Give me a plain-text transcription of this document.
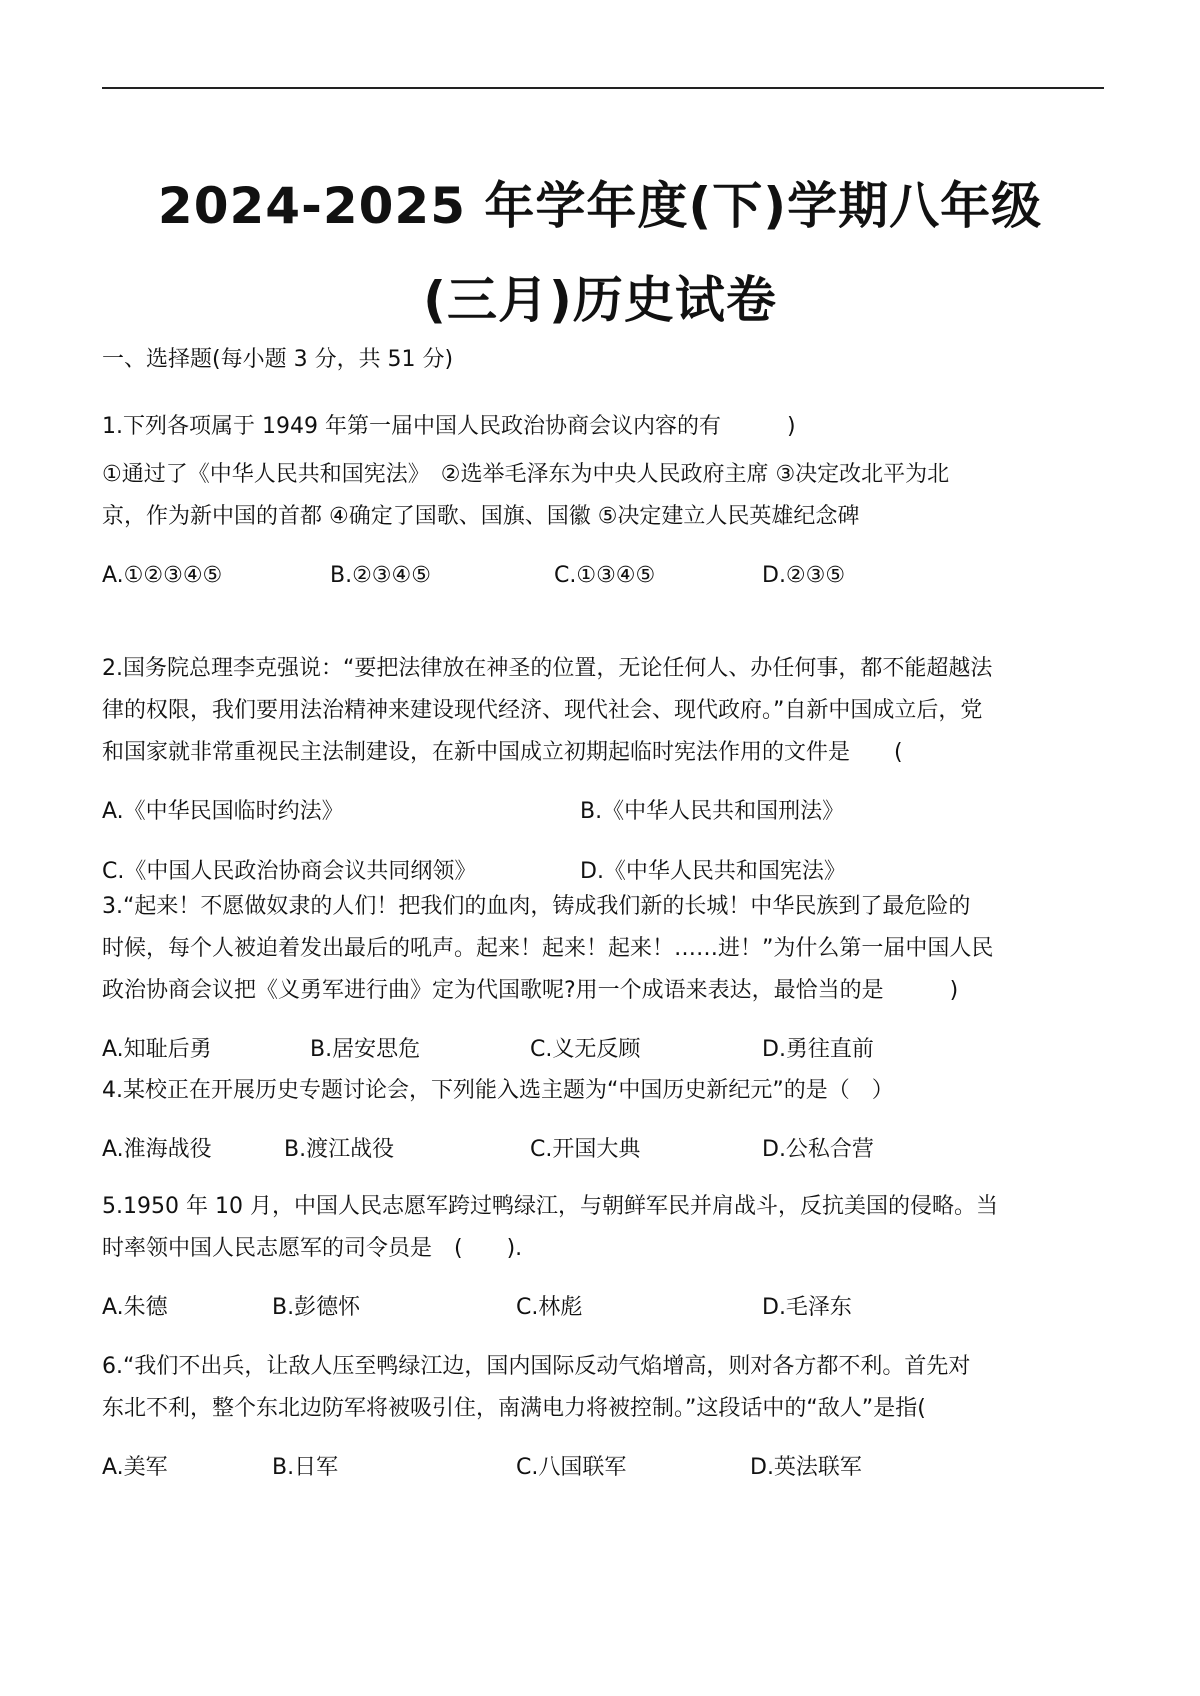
2024-2025 年学年度(下)学期八年级
(三月)历史试卷
一、选择题(每小题 3 分，共 51 分)
1.下列各项属于 1949 年第一届中国人民政治协商会议内容的有　　　)
①通过了《中华人民共和国宪法》　②选举毛泽东为中央人民政府主席 ③决定改北平为北
京，作为新中国的首都 ④确定了国歌、国旗、国徽 ⑤决定建立人民英雄纪念碑
A.①②③④⑤	B.②③④⑤	C.①③④⑤	D.②③⑤
2.国务院总理李克强说：“要把法律放在神圣的位置，无论任何人、办任何事，都不能超越法
律的权限，我们要用法治精神来建设现代经济、现代社会、现代政府。”自新中国成立后，党
和国家就非常重视民主法制建设，在新中国成立初期起临时宪法作用的文件是　　(
A.《中华民国临时约法》	B.《中华人民共和国刑法》
C.《中国人民政治协商会议共同纲领》	D.《中华人民共和国宪法》
3.“起来！不愿做奴隶的人们！把我们的血肉，铸成我们新的长城！中华民族到了最危险的
时候，每个人被迫着发出最后的吼声。起来！起来！起来！……进！”为什么第一届中国人民
政治协商会议把《义勇军进行曲》定为代国歌呢?用一个成语来表达，最恰当的是　　　)
A.知耻后勇	B.居安思危	C.义无反顾	D.勇往直前
4.某校正在开展历史专题讨论会，下列能入选主题为“中国历史新纪元”的是（　）
A.淮海战役	B.渡江战役	C.开国大典	D.公私合营
5.1950 年 10 月，中国人民志愿军跨过鸭绿江，与朝鲜军民并肩战斗，反抗美国的侵略。当
时率领中国人民志愿军的司令员是　(　　).
A.朱德	B.彭德怀	C.林彪	D.毛泽东
6.“我们不出兵，让敌人压至鸭绿江边，国内国际反动气焰增高，则对各方都不利。首先对
东北不利，整个东北边防军将被吸引住，南满电力将被控制。”这段话中的“敌人”是指(
A.美军	B.日军	C.八国联军	D.英法联军
